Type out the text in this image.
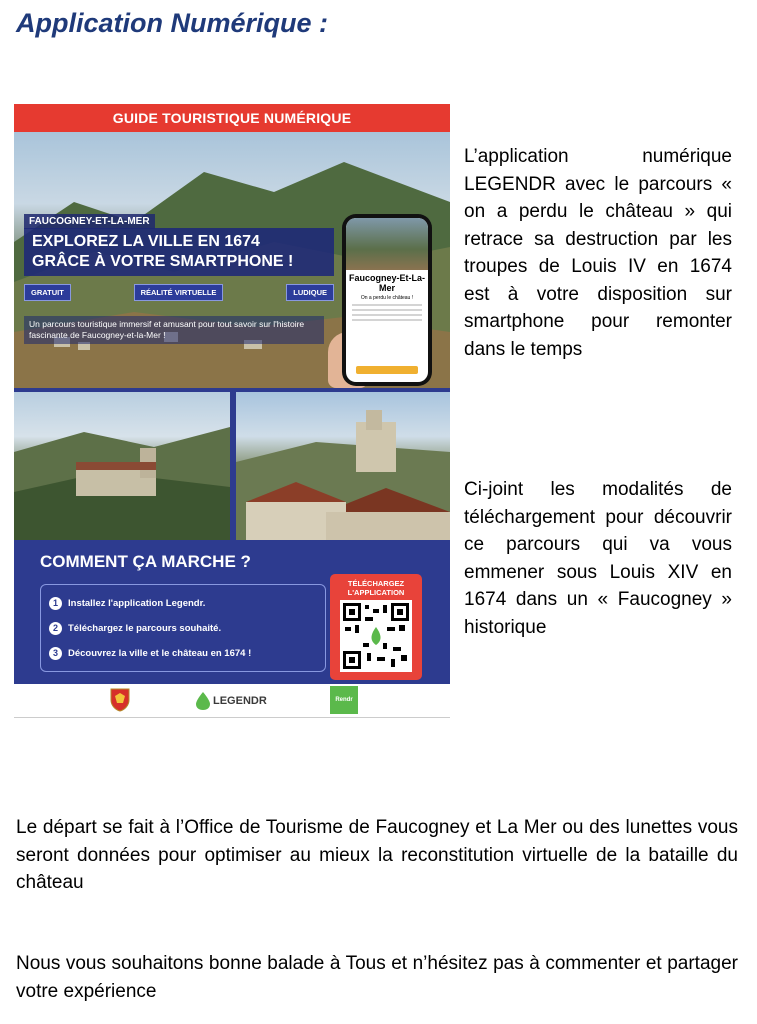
Application Numérique :
GUIDE TOURISTIQUE NUMÉRIQUE
FAUCOGNEY-ET-LA-MER
EXPLOREZ LA VILLE EN 1674
GRÂCE À VOTRE SMARTPHONE !
GRATUIT	RÉALITÉ VIRTUELLE	LUDIQUE
Un parcours touristique immersif et amusant pour tout savoir sur l'histoire fascinante de Faucogney-et-la-Mer !
Faucogney-Et-La-Mer
On a perdu le château !
COMMENT ÇA MARCHE ?
1	Installez l'application Legendr.
2	Téléchargez le parcours souhaité.
3	Découvrez la ville et le château en 1674 !
TÉLÉCHARGEZ L'APPLICATION
LEGENDR	Rendr

L’application numérique LEGENDR avec le parcours « on a perdu le château » qui retrace sa destruction par les troupes de Louis IV en 1674 est à votre disposition sur smartphone pour remonter dans le temps

Ci-joint les modalités de téléchargement pour découvrir ce parcours qui va vous emmener sous Louis XIV en 1674 dans un « Faucogney » historique

Le départ se fait à l’Office de Tourisme de Faucogney et La Mer ou des lunettes vous seront données pour optimiser au mieux la reconstitution virtuelle de la bataille du château

Nous vous souhaitons bonne balade à Tous et n’hésitez pas à commenter et partager votre expérience
